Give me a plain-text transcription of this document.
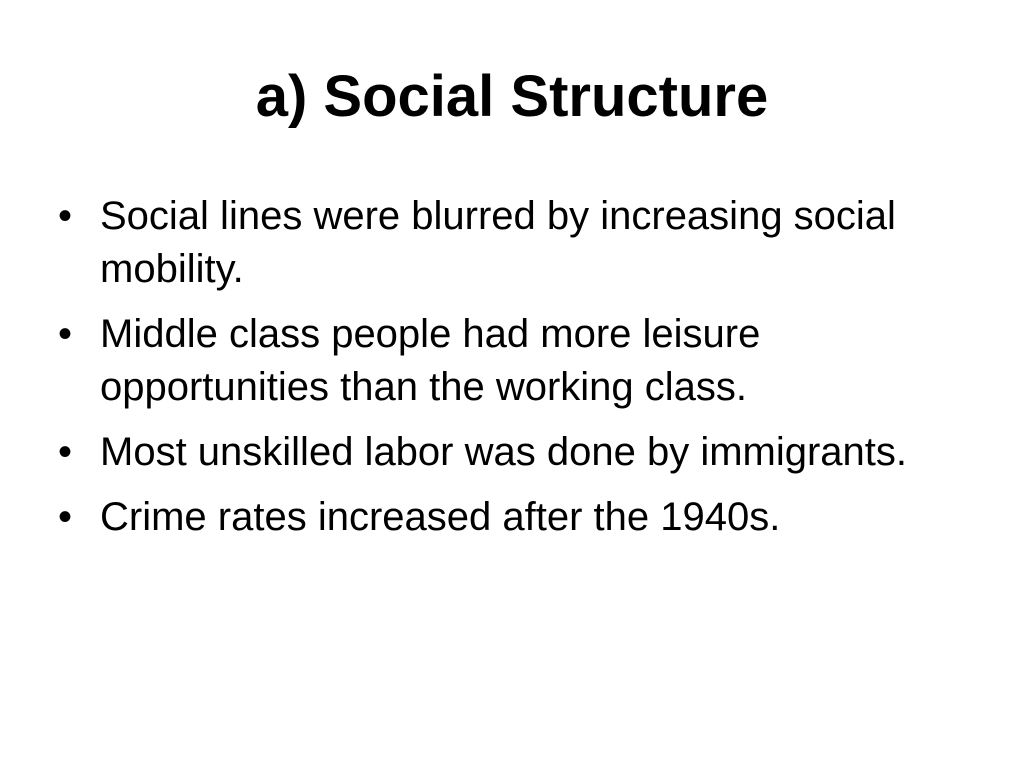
a) Social Structure
• Social lines were blurred by increasing social mobility.
• Middle class people had more leisure opportunities than the working class.
• Most unskilled labor was done by immigrants.
• Crime rates increased after the 1940s.
